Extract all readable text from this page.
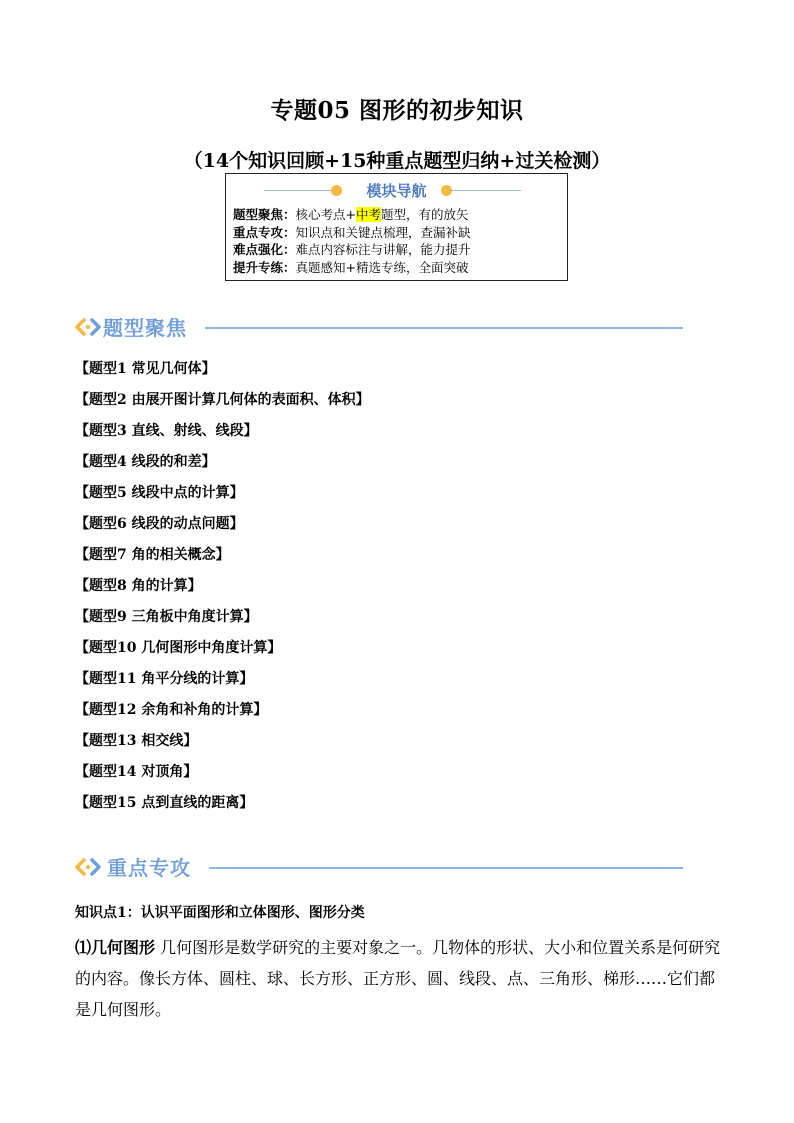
专题05 图形的初步知识
（14个知识回顾+15种重点题型归纳+过关检测）
模块导航
题型聚焦：核心考点+中考题型，有的放矢
重点专攻：知识点和关键点梳理，查漏补缺
难点强化：难点内容标注与讲解，能力提升
提升专练：真题感知+精选专练，全面突破
题型聚焦
【题型1 常见几何体】
【题型2 由展开图计算几何体的表面积、体积】
【题型3 直线、射线、线段】
【题型4 线段的和差】
【题型5 线段中点的计算】
【题型6 线段的动点问题】
【题型7 角的相关概念】
【题型8 角的计算】
【题型9 三角板中角度计算】
【题型10 几何图形中角度计算】
【题型11 角平分线的计算】
【题型12 余角和补角的计算】
【题型13 相交线】
【题型14 对顶角】
【题型15 点到直线的距离】
重点专攻
知识点1：认识平面图形和立体图形、图形分类
⑴几何图形 几何图形是数学研究的主要对象之一。几物体的形状、大小和位置关系是何研究的内容。像长方体、圆柱、球、长方形、正方形、圆、线段、点、三角形、梯形……它们都是几何图形。
